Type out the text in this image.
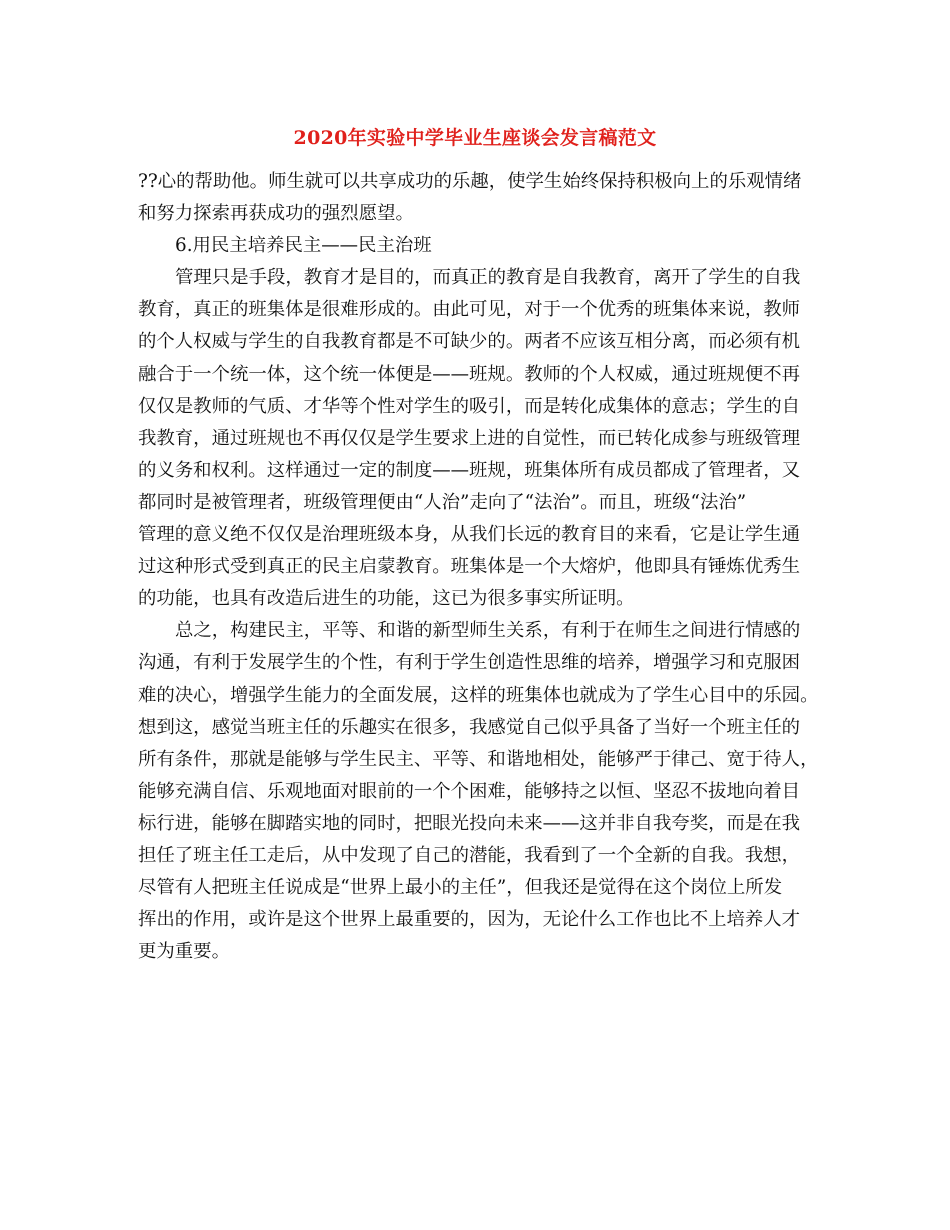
2020年实验中学毕业生座谈会发言稿范文

??心的帮助他。师生就可以共享成功的乐趣，使学生始终保持积极向上的乐观情绪
和努力探索再获成功的强烈愿望。

6.用民主培养民主——民主治班

管理只是手段，教育才是目的，而真正的教育是自我教育，离开了学生的自我
教育，真正的班集体是很难形成的。由此可见，对于一个优秀的班集体来说，教师
的个人权威与学生的自我教育都是不可缺少的。两者不应该互相分离，而必须有机
融合于一个统一体，这个统一体便是——班规。教师的个人权威，通过班规便不再
仅仅是教师的气质、才华等个性对学生的吸引，而是转化成集体的意志；学生的自
我教育，通过班规也不再仅仅是学生要求上进的自觉性，而已转化成参与班级管理
的义务和权利。这样通过一定的制度——班规，班集体所有成员都成了管理者，又
都同时是被管理者，班级管理便由“人治”走向了“法治”。而且，班级“法治”
管理的意义绝不仅仅是治理班级本身，从我们长远的教育目的来看，它是让学生通
过这种形式受到真正的民主启蒙教育。班集体是一个大熔炉，他即具有锤炼优秀生
的功能，也具有改造后进生的功能，这已为很多事实所证明。

总之，构建民主，平等、和谐的新型师生关系，有利于在师生之间进行情感的
沟通，有利于发展学生的个性，有利于学生创造性思维的培养，增强学习和克服困
难的决心，增强学生能力的全面发展，这样的班集体也就成为了学生心目中的乐园。
想到这，感觉当班主任的乐趣实在很多，我感觉自己似乎具备了当好一个班主任的
所有条件，那就是能够与学生民主、平等、和谐地相处，能够严于律己、宽于待人，
能够充满自信、乐观地面对眼前的一个个困难，能够持之以恒、坚忍不拔地向着目
标行进，能够在脚踏实地的同时，把眼光投向未来——这并非自我夸奖，而是在我
担任了班主任工走后，从中发现了自己的潜能，我看到了一个全新的自我。我想，
尽管有人把班主任说成是“世界上最小的主任”，但我还是觉得在这个岗位上所发
挥出的作用，或许是这个世界上最重要的，因为，无论什么工作也比不上培养人才
更为重要。
